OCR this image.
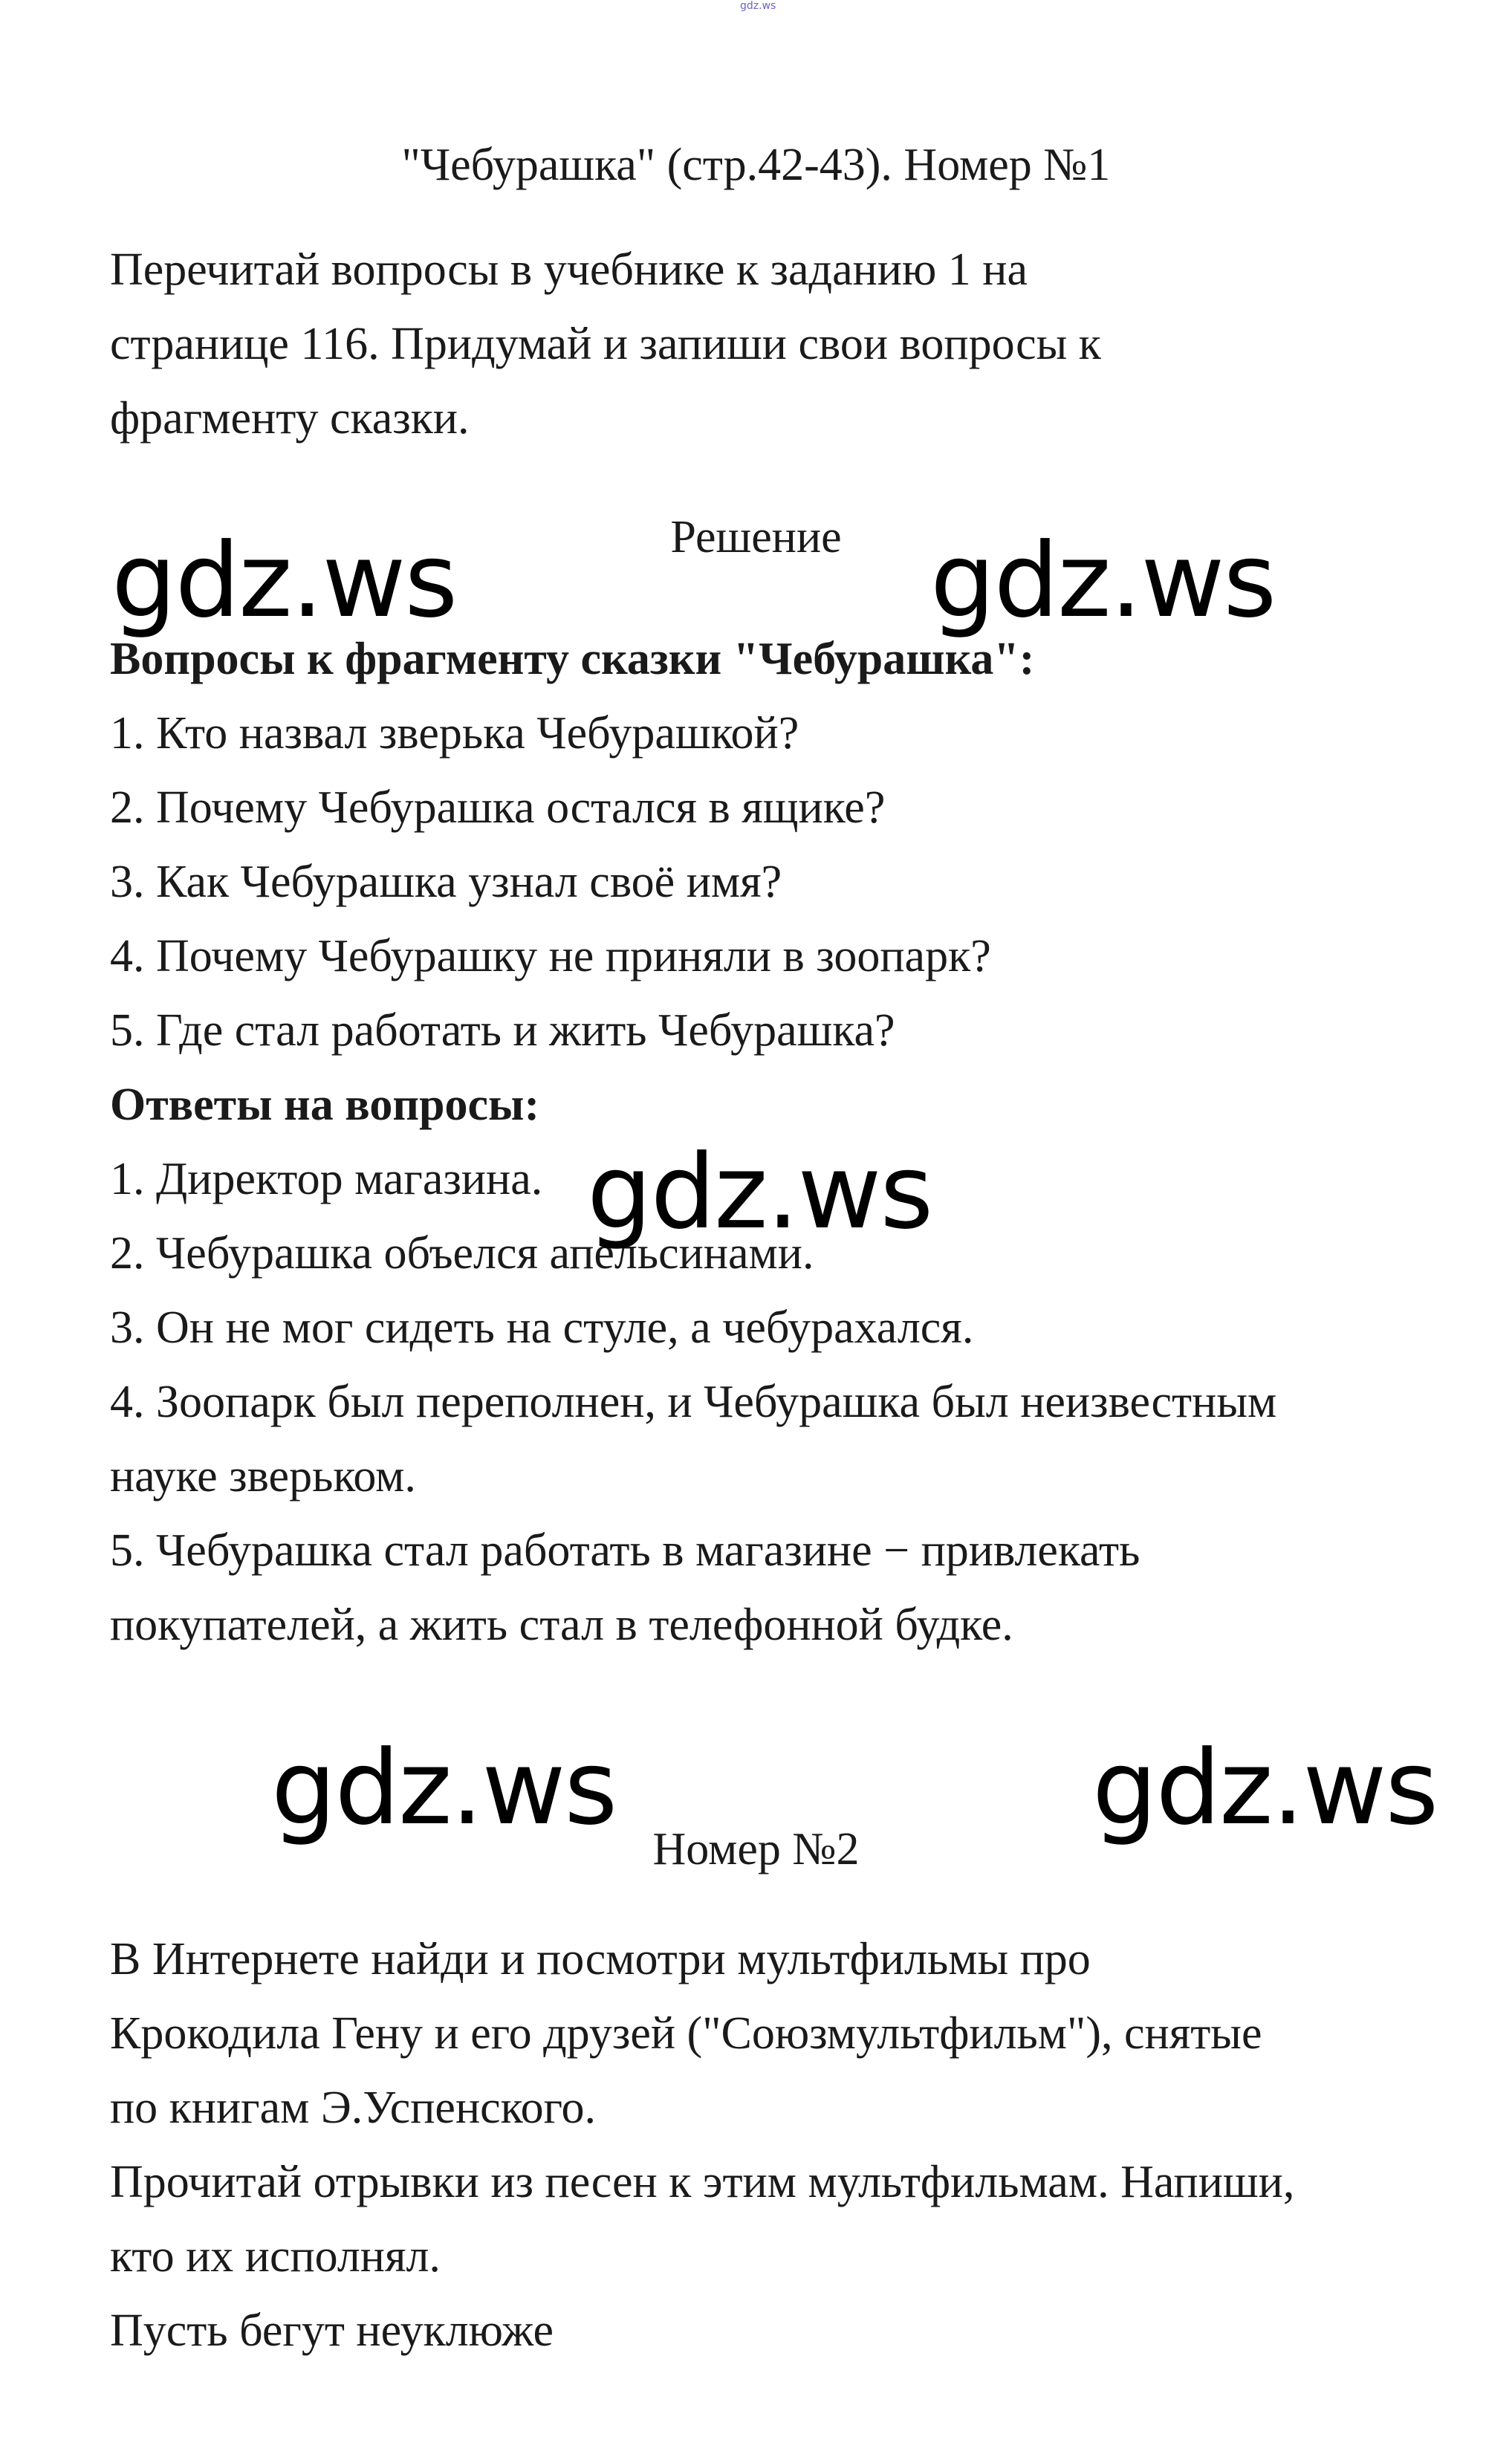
gdz.ws
"Чебурашка" (стр.42-43). Номер №1
Перечитай вопросы в учебнике к заданию 1 на
странице 116. Придумай и запиши свои вопросы к
фрагменту сказки.
Решение
Вопросы к фрагменту сказки "Чебурашка":
1. Кто назвал зверька Чебурашкой?
2. Почему Чебурашка остался в ящике?
3. Как Чебурашка узнал своё имя?
4. Почему Чебурашку не приняли в зоопарк?
5. Где стал работать и жить Чебурашка?
Ответы на вопросы:
1. Директор магазина.
2. Чебурашка объелся апельсинами.
3. Он не мог сидеть на стуле, а чебурахался.
4. Зоопарк был переполнен, и Чебурашка был неизвестным
науке зверьком.
5. Чебурашка стал работать в магазине − привлекать
покупателей, а жить стал в телефонной будке.
Номер №2
В Интернете найди и посмотри мультфильмы про
Крокодила Гену и его друзей ("Союзмультфильм"), снятые
по книгам Э.Успенского.
Прочитай отрывки из песен к этим мультфильмам. Напиши,
кто их исполнял.
Пусть бегут неуклюже
gdz.ws	gdz.ws
gdz.ws
gdz.ws	gdz.ws
